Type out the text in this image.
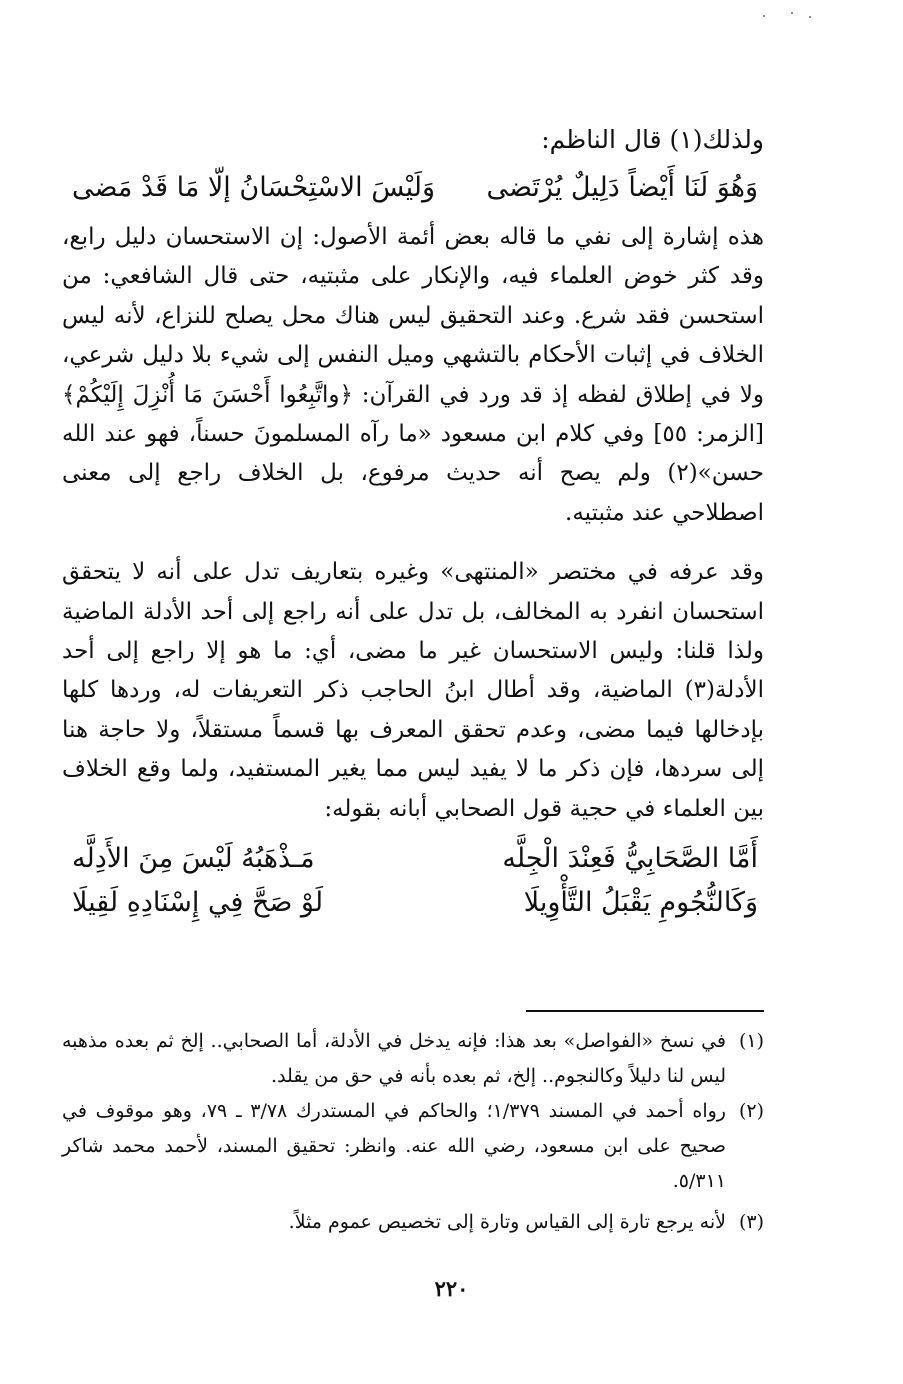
ولذلك(١) قال الناظم:

وَهُوَ لَنَا أَيْضاً دَلِيلٌ يُرْتَضى
وَلَيْسَ الاسْتِحْسَانُ إلّا مَا قَدْ مَضى

هذه إشارة إلى نفي ما قاله بعض أئمة الأصول: إن الاستحسان دليل رابع، وقد كثر خوض العلماء فيه، والإنكار على مثبتيه، حتى قال الشافعي: من استحسن فقد شرع. وعند التحقيق ليس هناك محل يصلح للنزاع، لأنه ليس الخلاف في إثبات الأحكام بالتشهي وميل النفس إلى شيء بلا دليل شرعي، ولا في إطلاق لفظه إذ قد ورد في القرآن: ﴿واتَّبِعُوا أَحْسَنَ مَا أُنْزِلَ إِلَيْكُمْ﴾ [الزمر: ٥٥] وفي كلام ابن مسعود «ما رآه المسلمونَ حسناً، فهو عند الله حسن»(٢) ولم يصح أنه حديث مرفوع، بل الخلاف راجع إلى معنى اصطلاحي عند مثبتيه.

وقد عرفه في مختصر «المنتهى» وغيره بتعاريف تدل على أنه لا يتحقق استحسان انفرد به المخالف، بل تدل على أنه راجع إلى أحد الأدلة الماضية ولذا قلنا: وليس الاستحسان غير ما مضى، أي: ما هو إلا راجع إلى أحد الأدلة(٣) الماضية، وقد أطال ابنُ الحاجب ذكر التعريفات له، وردها كلها بإدخالها فيما مضى، وعدم تحقق المعرف بها قسماً مستقلاً، ولا حاجة هنا إلى سردها، فإن ذكر ما لا يفيد ليس مما يغير المستفيد، ولما وقع الخلاف بين العلماء في حجية قول الصحابي أبانه بقوله:

أَمَّا الصَّحَابِيُّ فَعِنْدَ الْجِلَّه
مَـذْهَبُهُ لَيْسَ مِنَ الأَدِلَّه
وَكَالنُّجُومِ يَقْبَلُ التَّأْوِيلَا
لَوْ صَحَّ فِي إِسْنَادِهِ لَقِيلَا
(١)
في نسخ «الفواصل» بعد هذا: فإنه يدخل في الأدلة، أما الصحابي.. إلخ ثم بعده مذهبه ليس لنا دليلاً وكالنجوم.. إلخ، ثم بعده بأنه في حق من يقلد.
(٢)
رواه أحمد في المسند ١/٣٧٩؛ والحاكم في المستدرك ٣/٧٨ ـ ٧٩، وهو موقوف في صحيح على ابن مسعود، رضي الله عنه. وانظر: تحقيق المسند، لأحمد محمد شاكر ٥/٣١١.
(٣)
لأنه يرجع تارة إلى القياس وتارة إلى تخصيص عموم مثلاً.
٢٢٠
